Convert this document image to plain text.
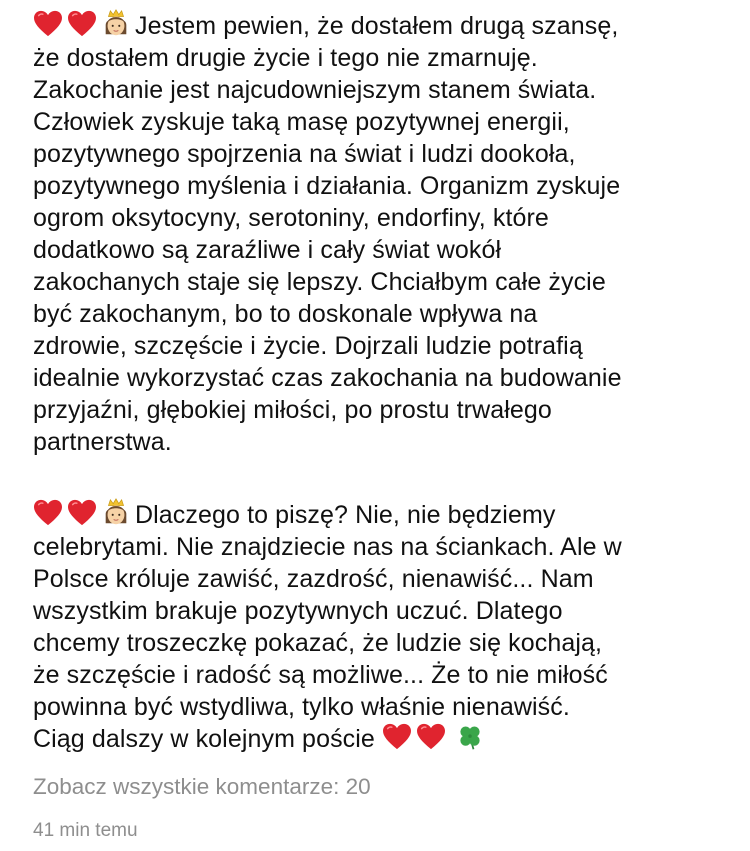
Jestem pewien, że dostałem drugą szansę,
że dostałem drugie życie i tego nie zmarnuję.
Zakochanie jest najcudowniejszym stanem świata.
Człowiek zyskuje taką masę pozytywnej energii,
pozytywnego spojrzenia na świat i ludzi dookoła,
pozytywnego myślenia i działania. Organizm zyskuje
ogrom oksytocyny, serotoniny, endorfiny, które
dodatkowo są zaraźliwe i cały świat wokół
zakochanych staje się lepszy. Chciałbym całe życie
być zakochanym, bo to doskonale wpływa na
zdrowie, szczęście i życie. Dojrzali ludzie potrafią
idealnie wykorzystać czas zakochania na budowanie
przyjaźni, głębokiej miłości, po prostu trwałego
partnerstwa.

Dlaczego to piszę? Nie, nie będziemy
celebrytami. Nie znajdziecie nas na ściankach. Ale w
Polsce króluje zawiść, zazdrość, nienawiść... Nam
wszystkim brakuje pozytywnych uczuć. Dlatego
chcemy troszeczkę pokazać, że ludzie się kochają,
że szczęście i radość są możliwe... Że to nie miłość
powinna być wstydliwa, tylko właśnie nienawiść.
Ciąg dalszy w kolejnym poście

Zobacz wszystkie komentarze: 20
41 min temu
